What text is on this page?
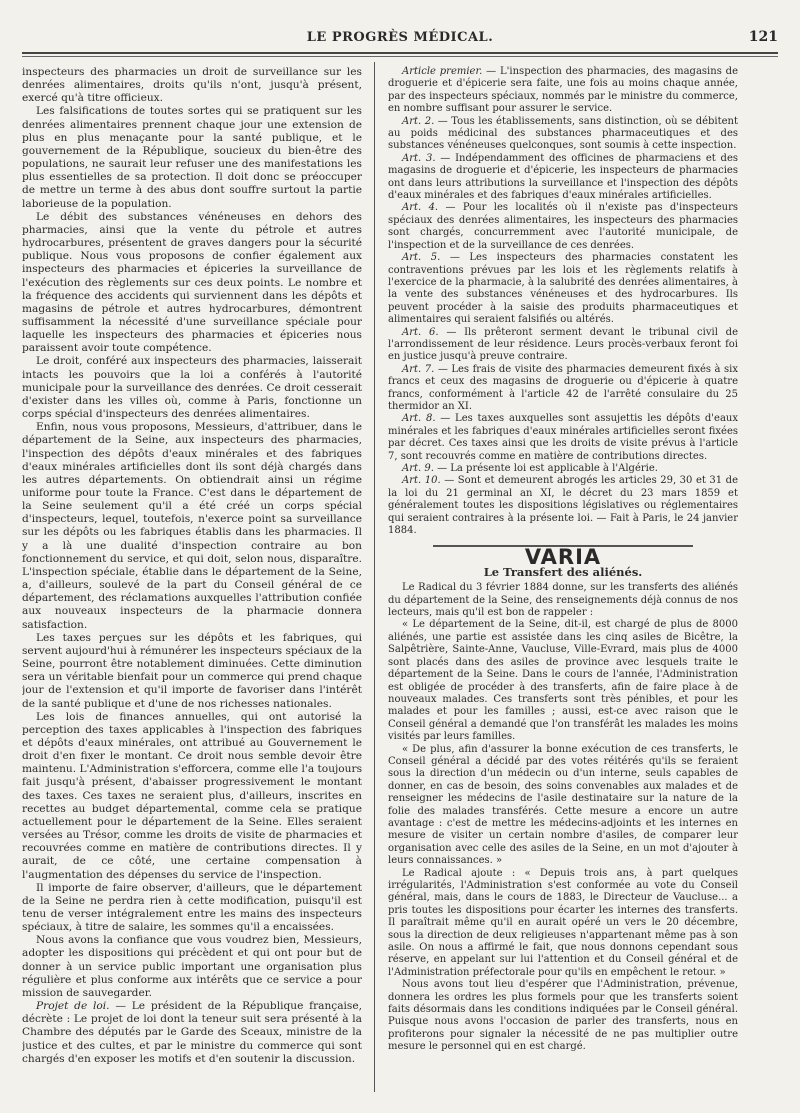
LE PROGRÈS MÉDICAL.	121

inspecteurs des pharmacies un droit de surveillance sur les denrées alimentaires, droits qu'ils n'ont, jusqu'à présent, exercé qu'à titre officieux.

Les falsifications de toutes sortes qui se pratiquent sur les denrées alimentaires prennent chaque jour une extension de plus en plus menaçante pour la santé publique, et le gouvernement de la République, soucieux du bien-être des populations, ne saurait leur refuser une des manifestations les plus essentielles de sa protection. Il doit donc se préoccuper de mettre un terme à des abus dont souffre surtout la partie laborieuse de la population.

Le débit des substances vénéneuses en dehors des pharmacies, ainsi que la vente du pétrole et autres hydrocarbures, présentent de graves dangers pour la sécurité publique. Nous vous proposons de confier également aux inspecteurs des pharmacies et épiceries la surveillance de l'exécution des règlements sur ces deux points. Le nombre et la fréquence des accidents qui surviennent dans les dépôts et magasins de pétrole et autres hydrocarbures, démontrent suffisamment la nécessité d'une surveillance spéciale pour laquelle les inspecteurs des pharmacies et épiceries nous paraissent avoir toute compétence.

Le droit, conféré aux inspecteurs des pharmacies, laisserait intacts les pouvoirs que la loi a conférés à l'autorité municipale pour la surveillance des denrées. Ce droit cesserait d'exister dans les villes où, comme à Paris, fonctionne un corps spécial d'inspecteurs des denrées alimentaires.

Enfin, nous vous proposons, Messieurs, d'attribuer, dans le département de la Seine, aux inspecteurs des pharmacies, l'inspection des dépôts d'eaux minérales et des fabriques d'eaux minérales artificielles dont ils sont déjà chargés dans les autres départements. On obtiendrait ainsi un régime uniforme pour toute la France. C'est dans le département de la Seine seulement qu'il a été créé un corps spécial d'inspecteurs, lequel, toutefois, n'exerce point sa surveillance sur les dépôts ou les fabriques établis dans les pharmacies. Il y a là une dualité d'inspection contraire au bon fonctionnement du service, et qui doit, selon nous, disparaître. L'inspection spéciale, établie dans le département de la Seine, a, d'ailleurs, soulevé de la part du Conseil général de ce département, des réclamations auxquelles l'attribution confiée aux nouveaux inspecteurs de la pharmacie donnera satisfaction.

Les taxes perçues sur les dépôts et les fabriques, qui servent aujourd'hui à rémunérer les inspecteurs spéciaux de la Seine, pourront être notablement diminuées. Cette diminution sera un véritable bienfait pour un commerce qui prend chaque jour de l'extension et qu'il importe de favoriser dans l'intérêt de la santé publique et d'une de nos richesses nationales.

Les lois de finances annuelles, qui ont autorisé la perception des taxes applicables à l'inspection des fabriques et dépôts d'eaux minérales, ont attribué au Gouvernement le droit d'en fixer le montant. Ce droit nous semble devoir être maintenu. L'Administration s'efforcera, comme elle l'a toujours fait jusqu'à présent, d'abaisser progressivement le montant des taxes. Ces taxes ne seraient plus, d'ailleurs, inscrites en recettes au budget départemental, comme cela se pratique actuellement pour le département de la Seine. Elles seraient versées au Trésor, comme les droits de visite de pharmacies et recouvrées comme en matière de contributions directes. Il y aurait, de ce côté, une certaine compensation à l'augmentation des dépenses du service de l'inspection.

Il importe de faire observer, d'ailleurs, que le département de la Seine ne perdra rien à cette modification, puisqu'il est tenu de verser intégralement entre les mains des inspecteurs spéciaux, à titre de salaire, les sommes qu'il a encaissées.

Nous avons la confiance que vous voudrez bien, Messieurs, adopter les dispositions qui précèdent et qui ont pour but de donner à un service public important une organisation plus régulière et plus conforme aux intérêts que ce service a pour mission de sauvegarder.

Projet de loi. — Le président de la République française, décrète : Le projet de loi dont la teneur suit sera présenté à la Chambre des députés par le Garde des Sceaux, ministre de la justice et des cultes, et par le ministre du commerce qui sont chargés d'en exposer les motifs et d'en soutenir la discussion.

Article premier. — L'inspection des pharmacies, des magasins de droguerie et d'épicerie sera faite, une fois au moins chaque année, par des inspecteurs spéciaux, nommés par le ministre du commerce, en nombre suffisant pour assurer le service.

Art. 2. — Tous les établissements, sans distinction, où se débitent au poids médicinal des substances pharmaceutiques et des substances vénéneuses quelconques, sont soumis à cette inspection.

Art. 3. — Indépendamment des officines de pharmaciens et des magasins de droguerie et d'épicerie, les inspecteurs de pharmacies ont dans leurs attributions la surveillance et l'inspection des dépôts d'eaux minérales et des fabriques d'eaux minérales artificielles.

Art. 4. — Pour les localités où il n'existe pas d'inspecteurs spéciaux des denrées alimentaires, les inspecteurs des pharmacies sont chargés, concurremment avec l'autorité municipale, de l'inspection et de la surveillance de ces denrées.

Art. 5. — Les inspecteurs des pharmacies constatent les contraventions prévues par les lois et les règlements relatifs à l'exercice de la pharmacie, à la salubrité des denrées alimentaires, à la vente des substances vénéneuses et des hydrocarbures. Ils peuvent procéder à la saisie des produits pharmaceutiques et alimentaires qui seraient falsifiés ou altérés.

Art. 6. — Ils prêteront serment devant le tribunal civil de l'arrondissement de leur résidence. Leurs procès-verbaux feront foi en justice jusqu'à preuve contraire.

Art. 7. — Les frais de visite des pharmacies demeurent fixés à six francs et ceux des magasins de droguerie ou d'épicerie à quatre francs, conformément à l'article 42 de l'arrêté consulaire du 25 thermidor an XI.

Art. 8. — Les taxes auxquelles sont assujettis les dépôts d'eaux minérales et les fabriques d'eaux minérales artificielles seront fixées par décret. Ces taxes ainsi que les droits de visite prévus à l'article 7, sont recouvrés comme en matière de contributions directes.

Art. 9. — La présente loi est applicable à l'Algérie.

Art. 10. — Sont et demeurent abrogés les articles 29, 30 et 31 de la loi du 21 germinal an XI, le décret du 23 mars 1859 et généralement toutes les dispositions législatives ou réglementaires qui seraient contraires à la présente loi. — Fait à Paris, le 24 janvier 1884.

VARIA
Le Transfert des aliénés.

Le Radical du 3 février 1884 donne, sur les transferts des aliénés du département de la Seine, des renseignements déjà connus de nos lecteurs, mais qu'il est bon de rappeler :

« Le département de la Seine, dit-il, est chargé de plus de 8000 aliénés, une partie est assistée dans les cinq asiles de Bicêtre, la Salpêtrière, Sainte-Anne, Vaucluse, Ville-Evrard, mais plus de 4000 sont placés dans des asiles de province avec lesquels traite le département de la Seine. Dans le cours de l'année, l'Administration est obligée de procéder à des transferts, afin de faire place à de nouveaux malades. Ces transferts sont très pénibles, et pour les malades et pour les familles ; aussi, est-ce avec raison que le Conseil général a demandé que l'on transférât les malades les moins visités par leurs familles.

« De plus, afin d'assurer la bonne exécution de ces transferts, le Conseil général a décidé par des votes réitérés qu'ils se feraient sous la direction d'un médecin ou d'un interne, seuls capables de donner, en cas de besoin, des soins convenables aux malades et de renseigner les médecins de l'asile destinataire sur la nature de la folie des malades transférés. Cette mesure a encore un autre avantage : c'est de mettre les médecins-adjoints et les internes en mesure de visiter un certain nombre d'asiles, de comparer leur organisation avec celle des asiles de la Seine, en un mot d'ajouter à leurs connaissances. »

Le Radical ajoute : « Depuis trois ans, à part quelques irrégularités, l'Administration s'est conformée au vote du Conseil général, mais, dans le cours de 1883, le Directeur de Vaucluse... a pris toutes les dispositions pour écarter les internes des transferts. Il paraîtrait même qu'il en aurait opéré un vers le 20 décembre, sous la direction de deux religieuses n'appartenant même pas à son asile. On nous a affirmé le fait, que nous donnons cependant sous réserve, en appelant sur lui l'attention et du Conseil général et de l'Administration préfectorale pour qu'ils en empêchent le retour. »

Nous avons tout lieu d'espérer que l'Administration, prévenue, donnera les ordres les plus formels pour que les transferts soient faits désormais dans les conditions indiquées par le Conseil général. Puisque nous avons l'occasion de parler des transferts, nous en profiterons pour signaler la nécessité de ne pas multiplier outre mesure le personnel qui en est chargé.
